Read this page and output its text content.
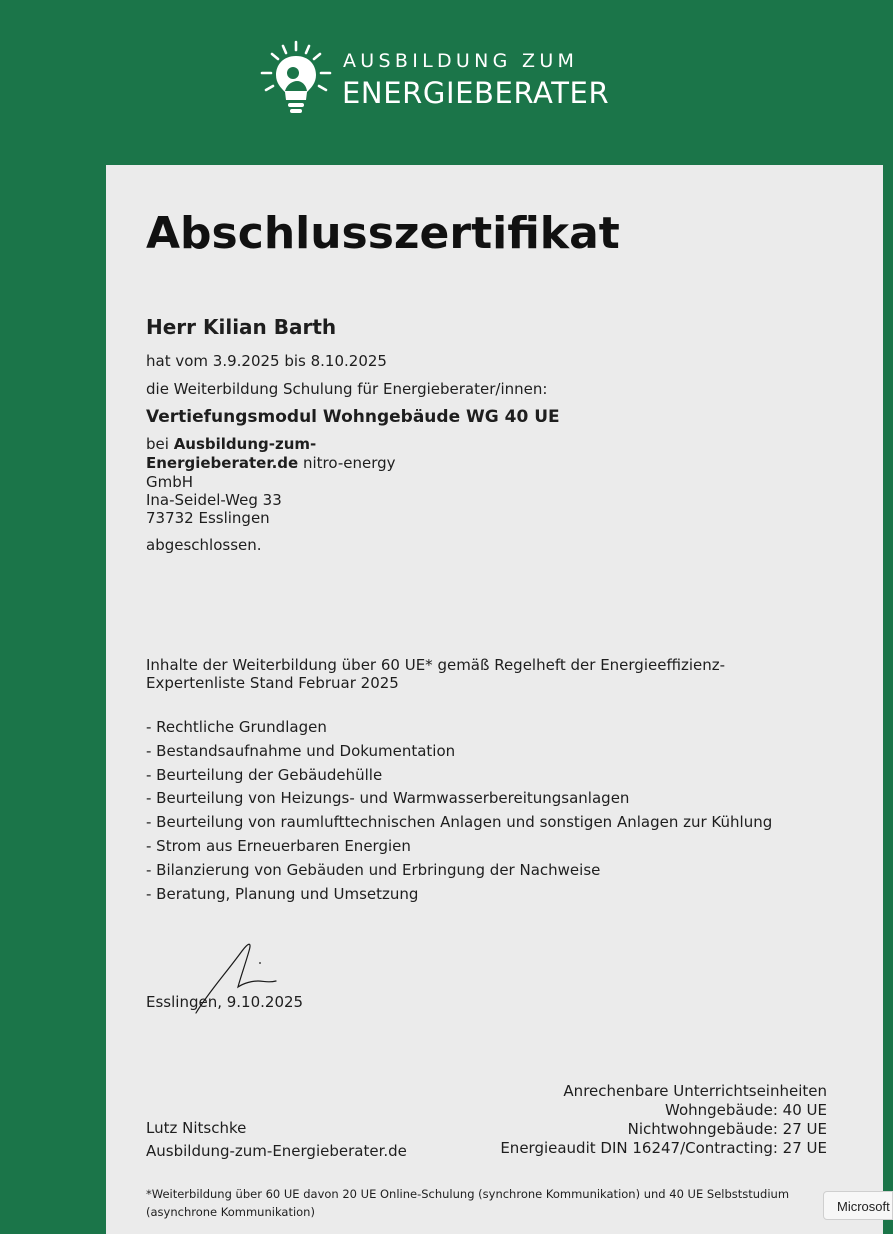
AUSBILDUNG ZUM
ENERGIEBERATER
Abschlusszertifikat
Herr Kilian Barth
hat vom 3.9.2025 bis 8.10.2025
die Weiterbildung Schulung für Energieberater/innen:
Vertiefungsmodul Wohngebäude WG 40 UE
bei Ausbildung-zum-
Energieberater.de nitro-energy
GmbH
Ina-Seidel-Weg 33
73732 Esslingen
abgeschlossen.
Inhalte der Weiterbildung über 60 UE* gemäß Regelheft der Energieeffizienz-
Expertenliste Stand Februar 2025
- Rechtliche Grundlagen
- Bestandsaufnahme und Dokumentation
- Beurteilung der Gebäudehülle
- Beurteilung von Heizungs- und Warmwasserbereitungsanlagen
- Beurteilung von raumlufttechnischen Anlagen und sonstigen Anlagen zur Kühlung
- Strom aus Erneuerbaren Energien
- Bilanzierung von Gebäuden und Erbringung der Nachweise
- Beratung, Planung und Umsetzung
Esslingen, 9.10.2025
Lutz Nitschke
Ausbildung-zum-Energieberater.de
Anrechenbare Unterrichtseinheiten
Wohngebäude: 40 UE
Nichtwohngebäude: 27 UE
Energieaudit DIN 16247/Contracting: 27 UE
*Weiterbildung über 60 UE davon 20 UE Online-Schulung (synchrone Kommunikation) und 40 UE Selbststudium
(asynchrone Kommunikation)	Microsoft
